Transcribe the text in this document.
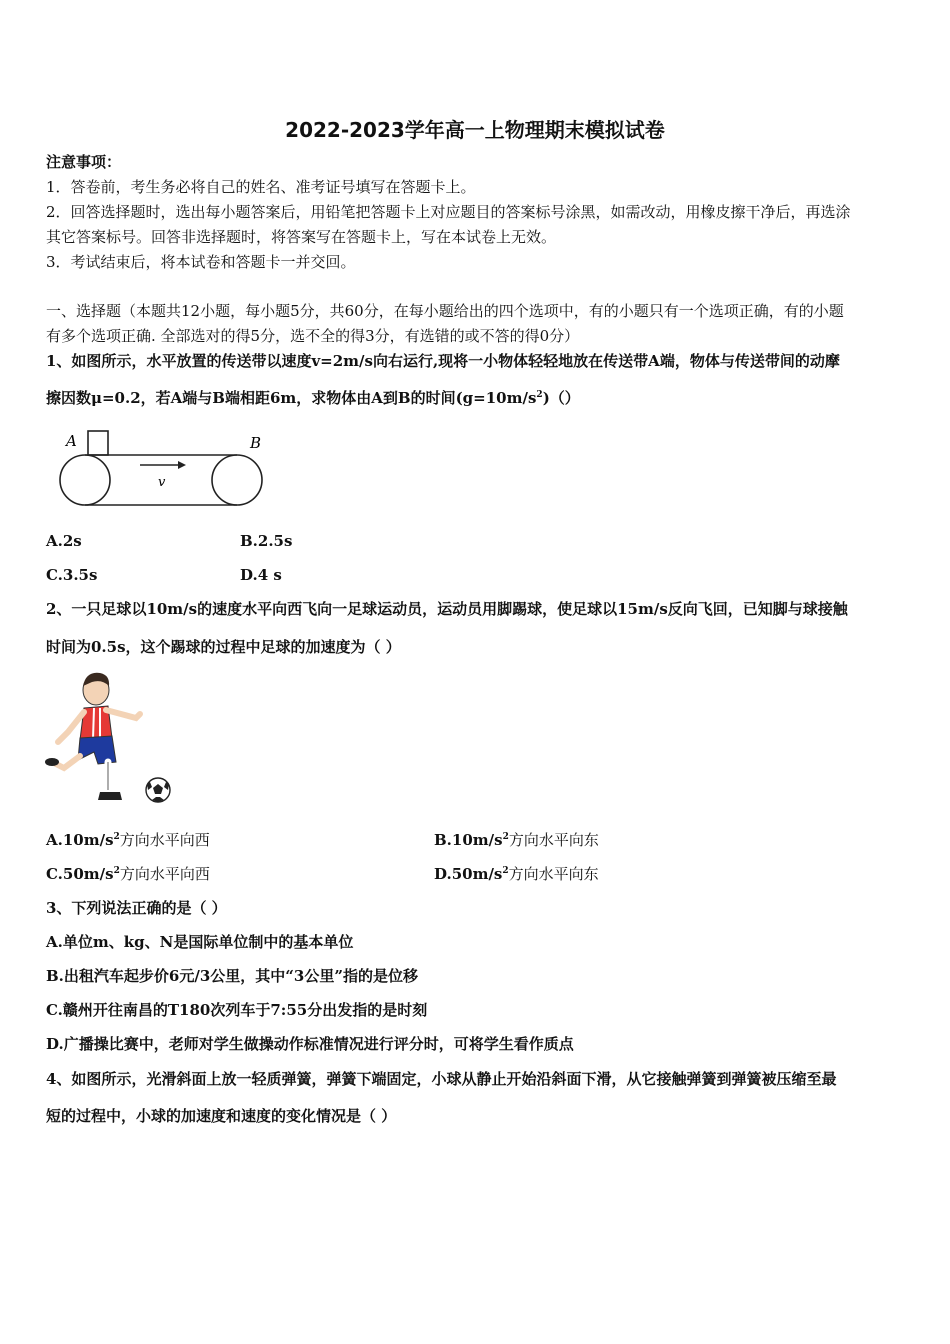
2022-2023学年高一上物理期末模拟试卷
注意事项：
1．答卷前，考生务必将自己的姓名、准考证号填写在答题卡上。
2．回答选择题时，选出每小题答案后，用铅笔把答题卡上对应题目的答案标号涂黑，如需改动，用橡皮擦干净后，再选涂
其它答案标号。回答非选择题时，将答案写在答题卡上，写在本试卷上无效。
3．考试结束后，将本试卷和答题卡一并交回。
一、选择题（本题共12小题，每小题5分，共60分，在每小题给出的四个选项中，有的小题只有一个选项正确，有的小题
有多个选项正确. 全部选对的得5分，选不全的得3分，有选错的或不答的得0分）
1、如图所示，水平放置的传送带以速度v=2m/s向右运行,现将一小物体轻轻地放在传送带A端，物体与传送带间的动摩
擦因数μ=0.2，若A端与B端相距6m，求物体由A到B的时间$(g=10m/s^2)()$
A	B
v
A.2s	B.2.5s
C.3.5s	D.4 s
2、一只足球以10m/s的速度水平向西飞向一足球运动员，运动员用脚踢球，使足球以15m/s反向飞回，已知脚与球接触
时间为0.5s，这个踢球的过程中足球的加速度为（ ）
$A.10m/s^2$方向水平向西	$B.10m/s^2$方向水平向东
$C.50m/s^2$方向水平向西	$D.50m/s^2$方向水平向东
3、下列说法正确的是（ ）
A.单位m、kg、N是国际单位制中的基本单位
B.出租汽车起步价6元/3公里，其中“3公里”指的是位移
C.赣州开往南昌的T180次列车于7:55分出发指的是时刻
D.广播操比赛中，老师对学生做操动作标准情况进行评分时，可将学生看作质点
4、如图所示，光滑斜面上放一轻质弹簧，弹簧下端固定，小球从静止开始沿斜面下滑，从它接触弹簧到弹簧被压缩至最
短的过程中，小球的加速度和速度的变化情况是（ ）
